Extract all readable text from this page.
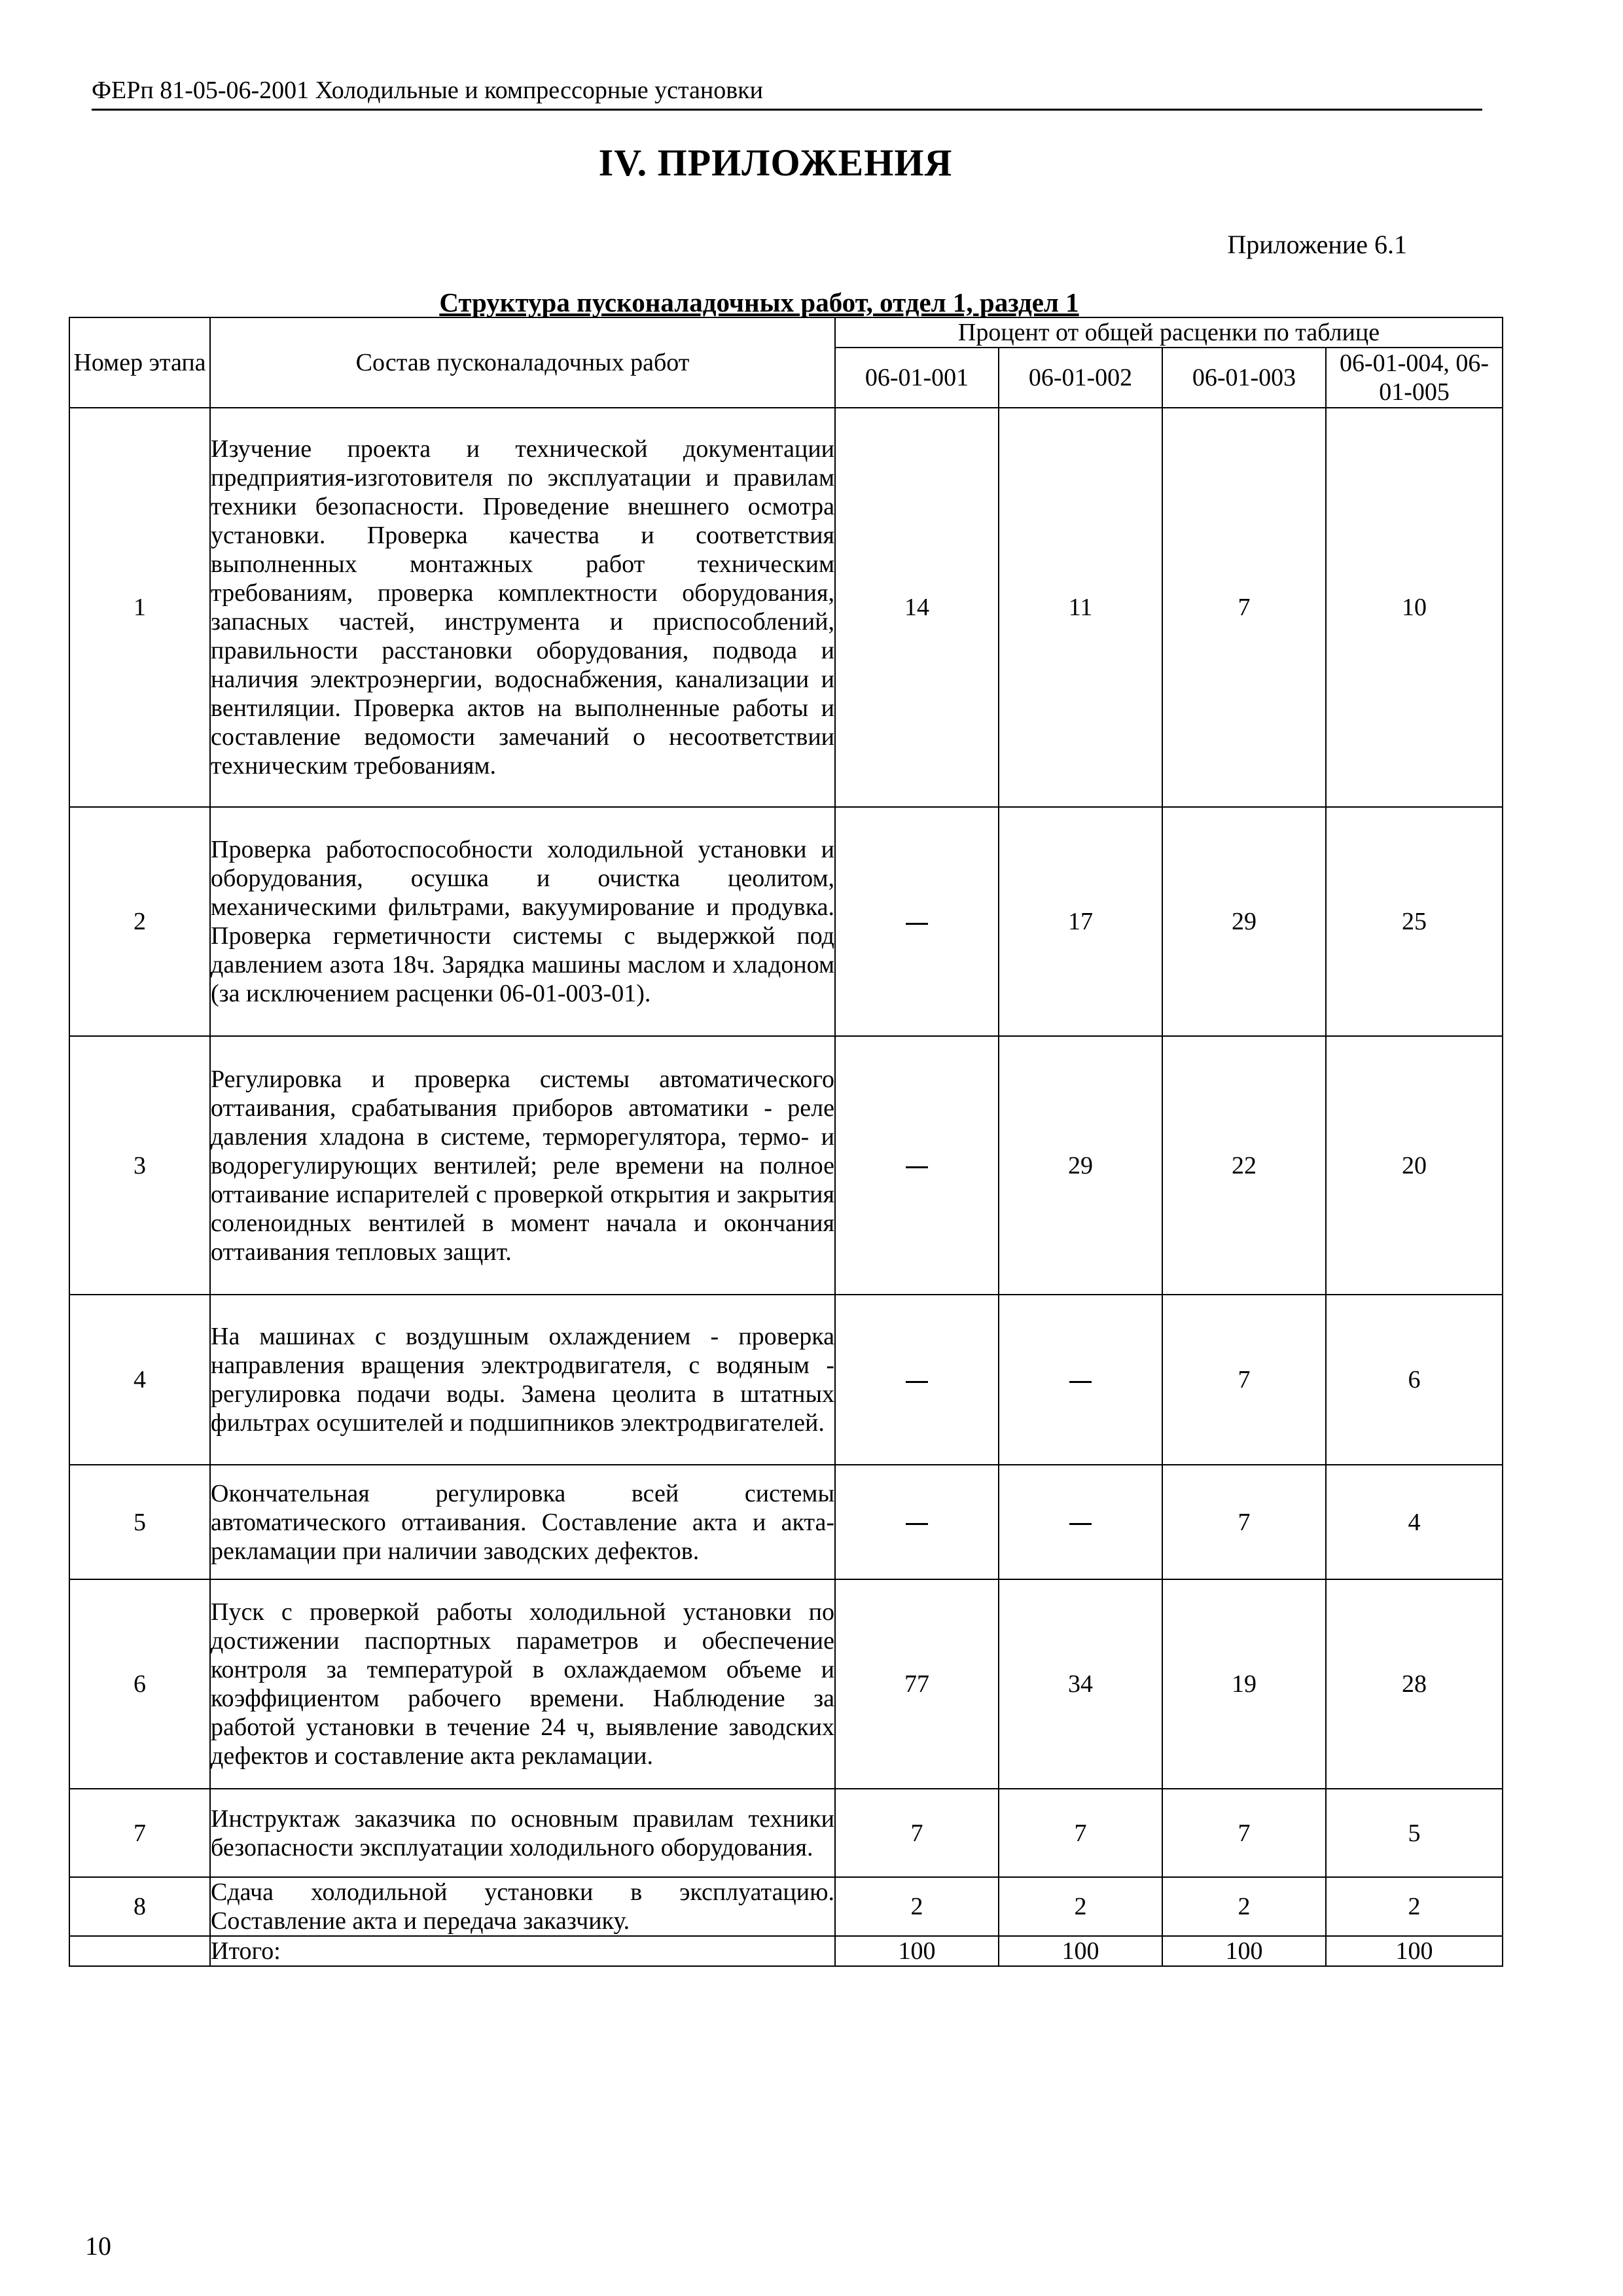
ФЕРп 81-05-06-2001 Холодильные и компрессорные установки
IV. ПРИЛОЖЕНИЯ
Приложение 6.1
Структура пусконаладочных работ, отдел 1, раздел 1
Номер этапа	Состав пусконаладочных работ	Процент от общей расценки по таблице			
		06-01-001	06-01-002	06-01-003	06-01-004, 06-01-005
1	Изучение проекта и технической документации предприятия-изготовителя по эксплуатации и правилам техники безопасности. Проведение внешнего осмотра установки. Проверка качества и соответствия выполненных монтажных работ техническим требованиям, проверка комплектности оборудования, запасных частей, инструмента и приспособлений, правильности расстановки оборудования, подвода и наличия электроэнергии, водоснабжения, канализации и вентиляции. Проверка актов на выполненные работы и составление ведомости замечаний о несоответствии техническим требованиям.	14	11	7	10
2	Проверка работоспособности холодильной установки и оборудования, осушка и очистка цеолитом, механическими фильтрами, вакуумирование и продувка. Проверка герметичности системы с выдержкой под давлением азота 18ч. Зарядка машины маслом и хладоном (за исключением расценки 06-01-003-01).		17	29	25
3	Регулировка и проверка системы автоматического оттаивания, срабатывания приборов автоматики - реле давления хладона в системе, терморегулятора, термо- и водорегулирующих вентилей; реле времени на полное оттаивание испарителей с проверкой открытия и закрытия соленоидных вентилей в момент начала и окончания оттаивания тепловых защит.		29	22	20
4	На машинах с воздушным охлаждением - проверка направления вращения электродвигателя, с водяным - регулировка подачи воды. Замена цеолита в штатных фильтрах осушителей и подшипников электродвигателей.			7	6
5	Окончательная регулировка всей системы автоматического оттаивания. Составление акта и акта-рекламации при наличии заводских дефектов.			7	4
6	Пуск с проверкой работы холодильной установки по достижении паспортных параметров и обеспечение контроля за температурой в охлаждаемом объеме и коэффициентом рабочего времени. Наблюдение за работой установки в течение 24 ч, выявление заводских дефектов и составление акта рекламации.	77	34	19	28
7	Инструктаж заказчика по основным правилам техники безопасности эксплуатации холодильного оборудования.	7	7	7	5
8	Сдача холодильной установки в эксплуатацию. Составление акта и передача заказчику.	2	2	2	2
	Итого:	100	100	100	100
10
